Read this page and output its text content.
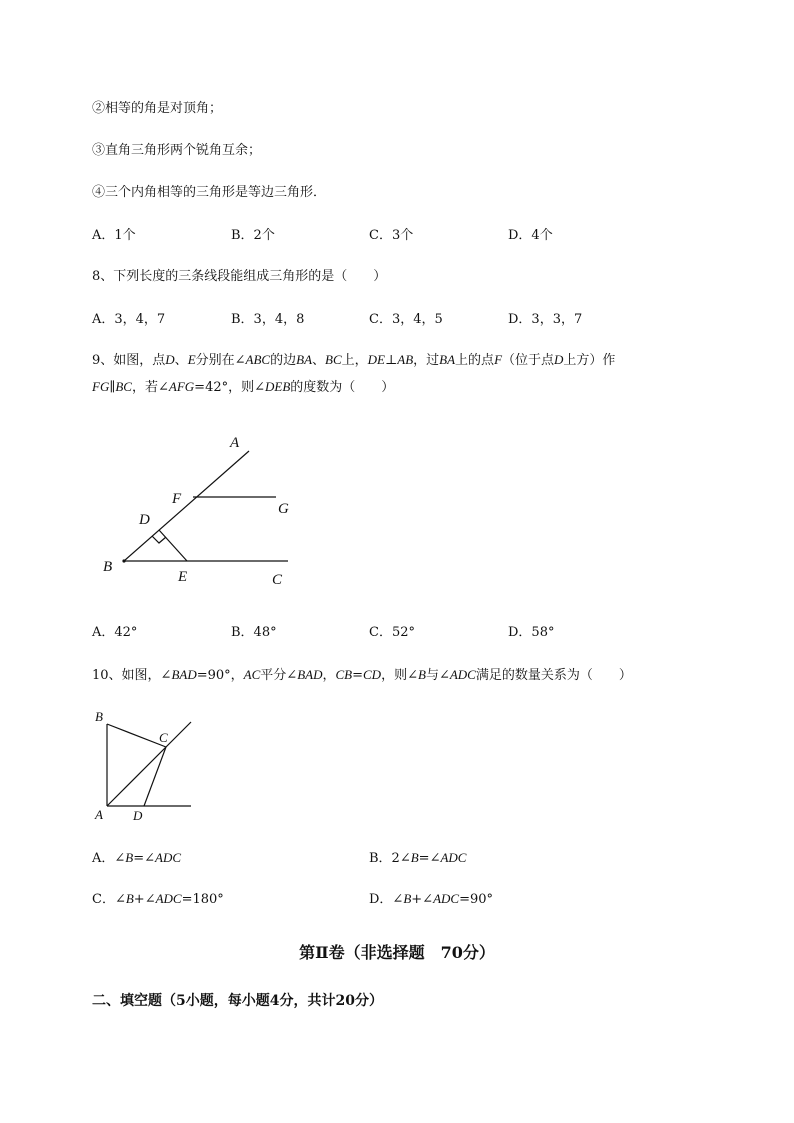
②相等的角是对顶角；
③直角三角形两个锐角互余；
④三个内角相等的三角形是等边三角形．
A．1个	B．2个	C．3个	D．4个
8、下列长度的三条线段能组成三角形的是（　　）
A．3，4，7	B．3，4，8	C．3，4，5	D．3，3，7
9、如图，点D、E分别在∠ABC的边BA、BC上，DE⊥AB，过BA上的点F（位于点D上方）作
FG∥BC，若∠AFG=42°，则∠DEB的度数为（　　）
A
F
G
D
B
E	C
A．42°	B．48°	C．52°	D．58°
10、如图，∠BAD=90°，AC平分∠BAD，CB=CD，则∠B与∠ADC满足的数量关系为（　　）
B
C
A D
A．∠B=∠ADC	B．2∠B=∠ADC
C．∠B+∠ADC=180°	D．∠B+∠ADC=90°
第Ⅱ卷（非选择题　70分）
二、填空题（5小题，每小题4分，共计20分）
